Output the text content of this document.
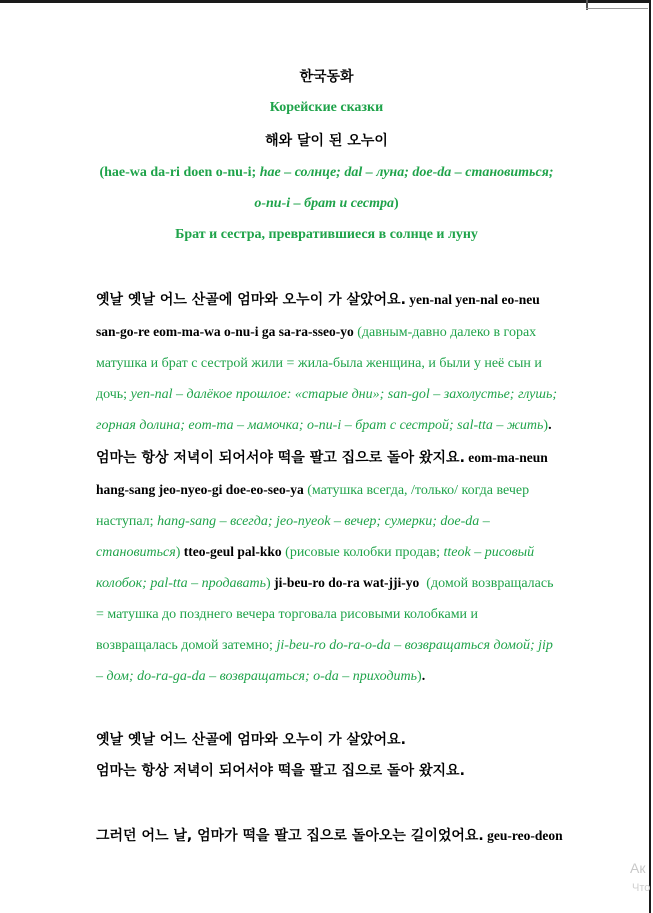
한국동화
Корейские сказки
해와 달이 된 오누이
(hae-wa da-ri doen o-nu-i; hae – солнце; dal – луна; doe-da – становиться;
o-nu-i – брат и сестра)
Брат и сестра, превратившиеся в солнце и луну
옛날 옛날 어느 산골에 엄마와 오누이 가 살았어요. yen-nal yen-nal eo-neu
san-go-re eom-ma-wa o-nu-i ga sa-ra-sseo-yo (давным-давно далеко в горах
матушка и брат с сестрой жили = жила-была женщина, и были у неё сын и
дочь; yen-nal – далёкое прошлое: «старые дни»; san-gol – захолустье; глушь;
горная долина; eom-ma – мамочка; o-nu-i – брат с сестрой; sal-tta – жить).
엄마는 항상 저녁이 되어서야 떡을 팔고 집으로 돌아 왔지요. eom-ma-neun
hang-sang jeo-nyeo-gi doe-eo-seo-ya (матушка всегда, /только/ когда вечер
наступал; hang-sang – всегда; jeo-nyeok – вечер; сумерки; doe-da –
становиться) tteo-geul pal-kko (рисовые колобки продав; tteok – рисовый
колобок; pal-tta – продавать) ji-beu-ro do-ra wat-jji-yo  (домой возвращалась
= матушка до позднего вечера торговала рисовыми колобками и
возвращалась домой затемно; ji-beu-ro do-ra-o-da – возвращаться домой; jip
– дом; do-ra-ga-da – возвращаться; o-da – приходить).
옛날 옛날 어느 산골에 엄마와 오누이 가 살았어요.
엄마는 항상 저녁이 되어서야 떡을 팔고 집으로 돌아 왔지요.
그러던 어느 날, 엄마가 떡을 팔고 집으로 돌아오는 길이었어요. geu-reo-deon
Ак
Что
